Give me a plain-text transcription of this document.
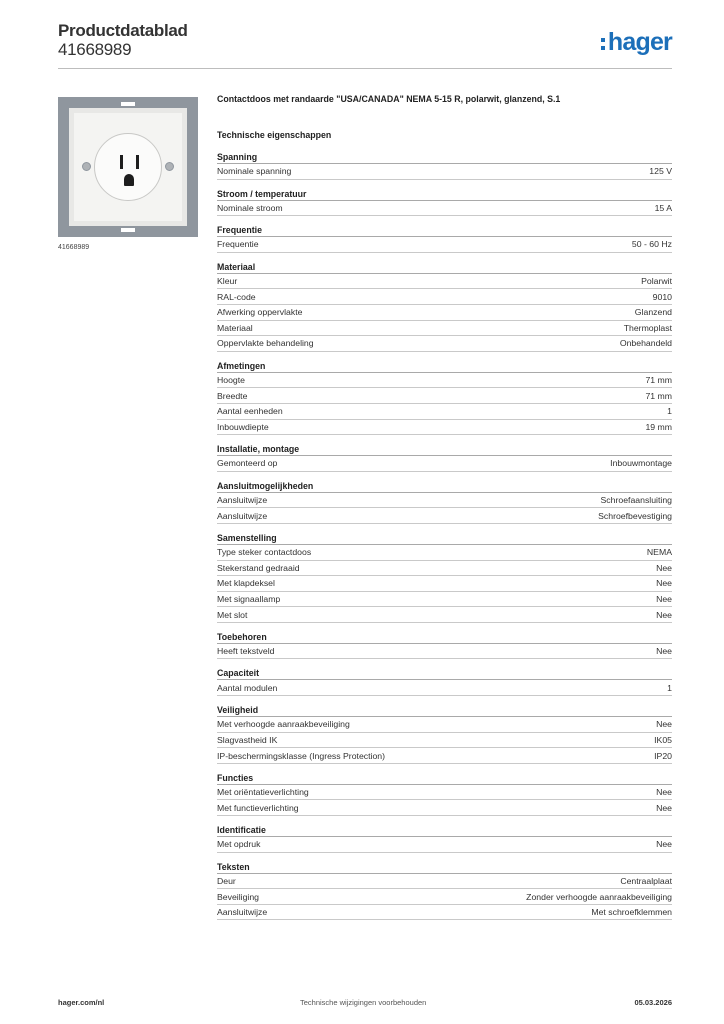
Productdatablad
41668989	hager
41668989
Contactdoos met randaarde "USA/CANADA" NEMA 5-15 R, polarwit, glanzend, S.1
Technische eigenschappen
Spanning
Nominale spanning	125 V
Stroom / temperatuur
Nominale stroom	15 A
Frequentie
Frequentie	50 - 60 Hz
Materiaal
Kleur	Polarwit
RAL-code	9010
Afwerking oppervlakte	Glanzend
Materiaal	Thermoplast
Oppervlakte behandeling	Onbehandeld
Afmetingen
Hoogte	71 mm
Breedte	71 mm
Aantal eenheden	1
Inbouwdiepte	19 mm
Installatie, montage
Gemonteerd op	Inbouwmontage
Aansluitmogelijkheden
Aansluitwijze	Schroefaansluiting
Aansluitwijze	Schroefbevestiging
Samenstelling
Type steker contactdoos	NEMA
Stekerstand gedraaid	Nee
Met klapdeksel	Nee
Met signaallamp	Nee
Met slot	Nee
Toebehoren
Heeft tekstveld	Nee
Capaciteit
Aantal modulen	1
Veiligheid
Met verhoogde aanraakbeveiliging	Nee
Slagvastheid IK	IK05
IP-beschermingsklasse (Ingress Protection)	IP20
Functies
Met oriëntatieverlichting	Nee
Met functieverlichting	Nee
Identificatie
Met opdruk	Nee
Teksten
Deur	Centraalplaat
Beveiliging	Zonder verhoogde aanraakbeveiliging
Aansluitwijze	Met schroefklemmen
hager.com/nl	Technische wijzigingen voorbehouden	05.03.2026
